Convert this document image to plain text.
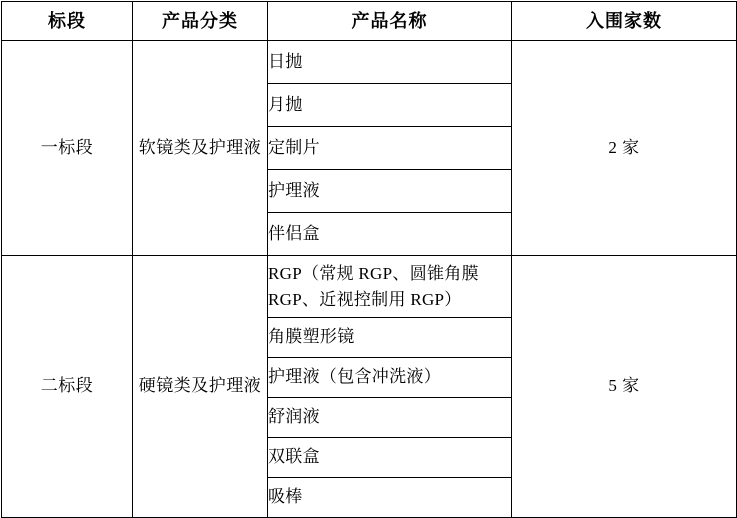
标段	产品分类	产品名称	入围家数
一标段	软镜类及护理液	日抛	2 家
		月抛	
		定制片	
		护理液	
		伴侣盒	
二标段	硬镜类及护理液	RGP（常规 RGP、圆锥角膜 RGP、近视控制用 RGP）	5 家
		角膜塑形镜	
		护理液（包含冲洗液）	
		舒润液	
		双联盒	
		吸棒	
